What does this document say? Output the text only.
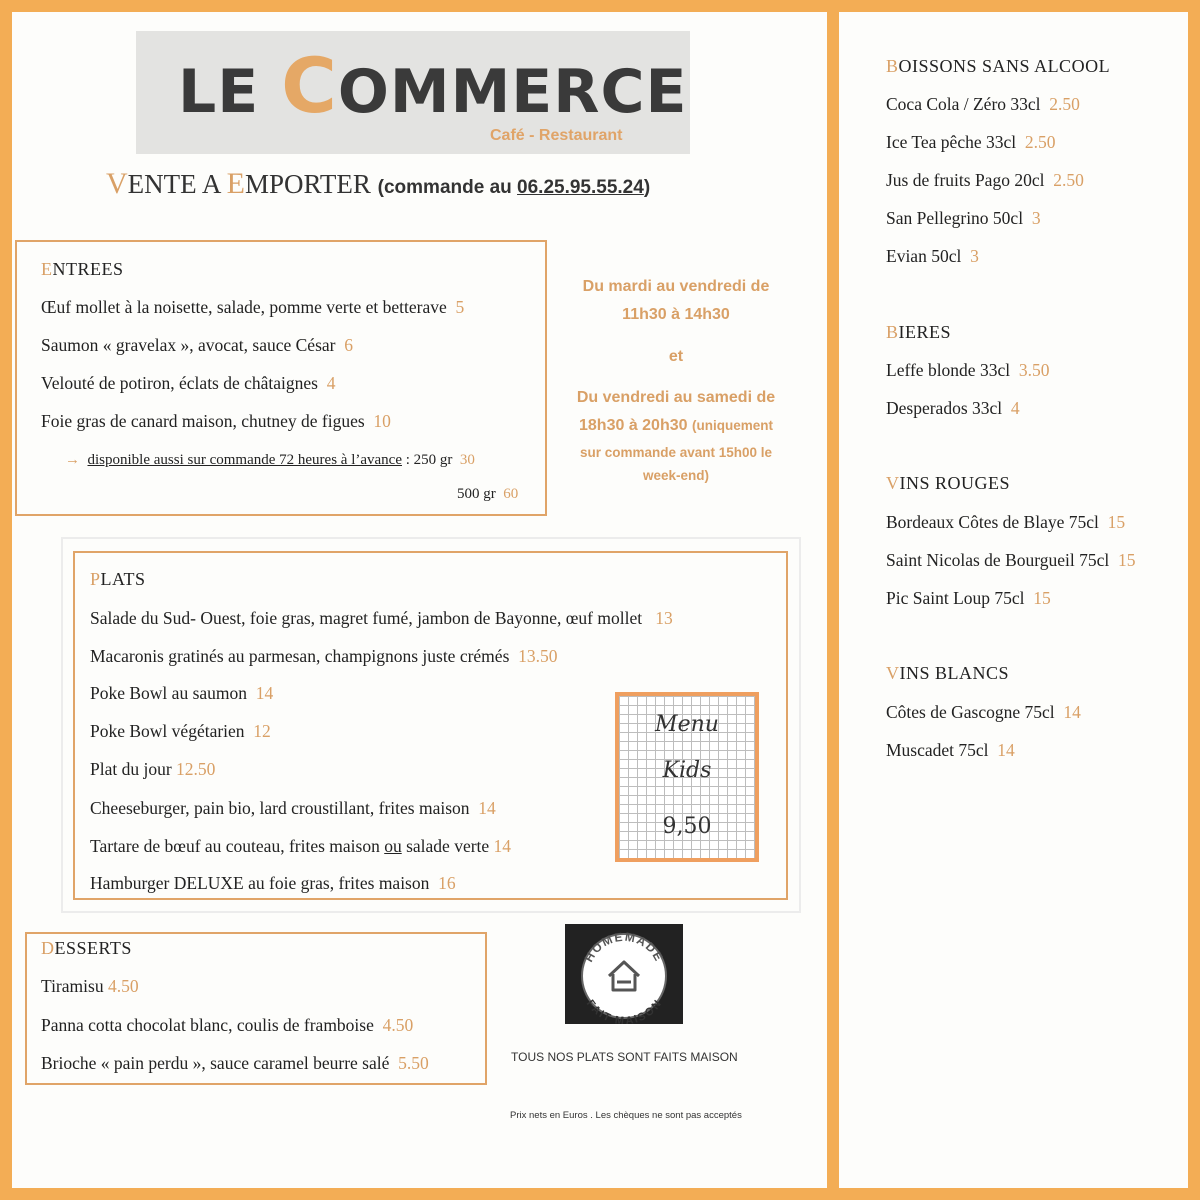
LE COMMERCE
Café - Restaurant
VENTE A EMPORTER (commande au 06.25.95.55.24)
ENTREES
Œuf mollet à la noisette, salade, pomme verte et betterave 5
Saumon « gravelax », avocat, sauce César 6
Velouté de potiron, éclats de châtaignes 4
Foie gras de canard maison, chutney de figues 10
→ disponible aussi sur commande 72 heures à l’avance : 250 gr 30
500 gr 60
Du mardi au vendredi de
11h30 à 14h30
et
Du vendredi au samedi de
18h30 à 20h30 (uniquement
sur commande avant 15h00 le
week-end)
PLATS
Salade du Sud- Ouest, foie gras, magret fumé, jambon de Bayonne, œuf mollet 13
Macaronis gratinés au parmesan, champignons juste crémés 13.50
Poke Bowl au saumon 14
Poke Bowl végétarien 12
Plat du jour 12.50
Cheeseburger, pain bio, lard croustillant, frites maison 14
Tartare de bœuf au couteau, frites maison ou salade verte 14
Hamburger DELUXE au foie gras, frites maison 16
Menu
Kids
9,50
DESSERTS
Tiramisu 4.50
Panna cotta chocolat blanc, coulis de framboise 4.50
Brioche « pain perdu », sauce caramel beurre salé 5.50
HOMEMADE
FAIT MAISON
TOUS NOS PLATS SONT FAITS MAISON
Prix nets en Euros . Les chèques ne sont pas acceptés
BOISSONS SANS ALCOOL
Coca Cola / Zéro 33cl 2.50
Ice Tea pêche 33cl 2.50
Jus de fruits Pago 20cl 2.50
San Pellegrino 50cl 3
Evian 50cl 3
BIERES
Leffe blonde 33cl 3.50
Desperados 33cl 4
VINS ROUGES
Bordeaux Côtes de Blaye 75cl 15
Saint Nicolas de Bourgueil 75cl 15
Pic Saint Loup 75cl 15
VINS BLANCS
Côtes de Gascogne 75cl 14
Muscadet 75cl 14
